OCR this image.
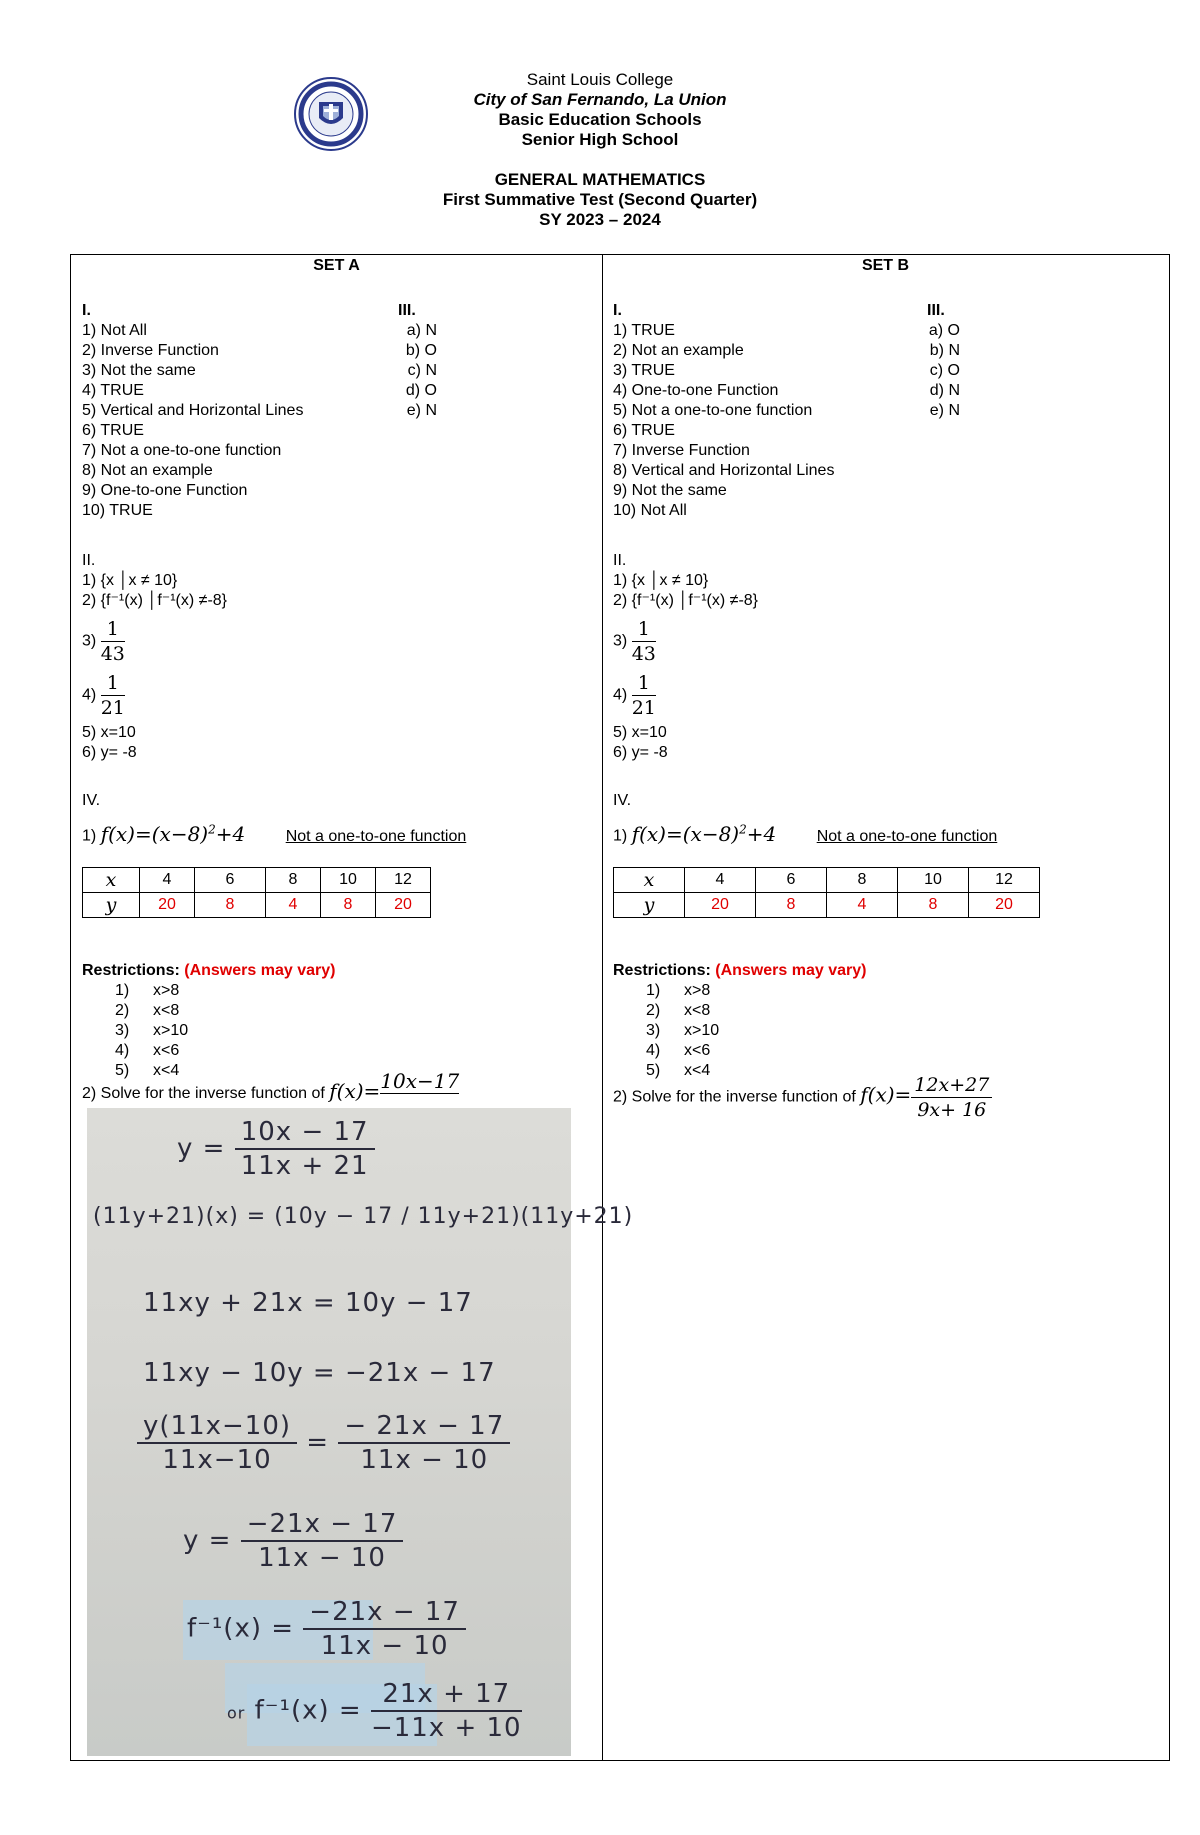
Saint Louis College
City of San Fernando, La Union
Basic Education Schools
Senior High School
GENERAL MATHEMATICS
First Summative Test (Second Quarter)
SY 2023 – 2024
SET A
I.
1) Not All
2) Inverse Function
3) Not the same
4) TRUE
5) Vertical and Horizontal Lines
6) TRUE
7) Not a one-to-one function
8) Not an example
9) One-to-one Function
10) TRUE
III.
a) N
b) O
c) N
d) O
e) N
II.
1) {x │x ≠ 10}
2) {f⁻¹(x) │f⁻¹(x) ≠-8}
$3) \frac{1}{43}$
$4) \frac{1}{21}$
5) x=10
6) y= -8
IV.
1) $f(x)=(x-8)^2+4$	Not a one-to-one function
x	4	6	8	10	12
y	20	8	4	8	20
Restrictions: (Answers may vary)
1) x>8
2) x<8
3) x>10
4) x<6
5) x<4
2) Solve for the inverse function of f(x)=10x−17
SET B
I.
1) TRUE
2) Not an example
3) TRUE
4) One-to-one Function
5) Not a one-to-one function
6) TRUE
7) Inverse Function
8) Vertical and Horizontal Lines
9) Not the same
10) Not All
III.
a) O
b) N
c) O
d) N
e) N
II.
1) {x │x ≠ 10}
2) {f⁻¹(x) │f⁻¹(x) ≠-8}
$3) \frac{1}{43}$
$4) \frac{1}{21}$
5) x=10
6) y= -8
IV.
1) $f(x)=(x-8)^2+4$	Not a one-to-one function
x	4	6	8	10	12
y	20	8	4	8	20
Restrictions: (Answers may vary)
1) x>8
2) x<8
3) x>10
4) x<6
5) x<4
2) Solve for the inverse function of $f(x)= \frac{12x+27}{9x+ 16}$
$y = \frac{10x - 17}{11x + 21}$
(11y+21)(x) = (10y − 17 / 11y+21)(11y+21)
11xy + 21x = 10y − 17
11xy − 10y = −21x − 17
$\frac{y(11x-10)}{11x-10} = \frac{- 21x - 17}{11x - 10}$
$y = \frac{-21x - 17}{11x - 10}$
$f^{-1}(x) = \frac{-21x - 17}{11x - 10}$
or $f^{-1}(x) = \frac{21x + 17}{-11x + 10}$
